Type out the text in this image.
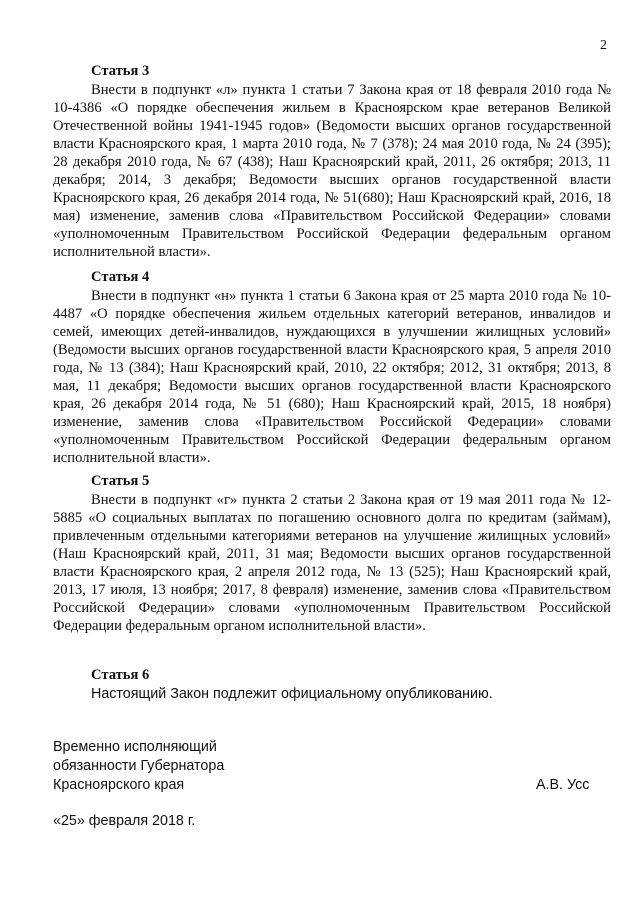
2
Статья 3

Внести в подпункт «л» пункта 1 статьи 7 Закона края от 18 февраля 2010 года № 10-4386 «О порядке обеспечения жильем в Красноярском крае ветеранов Великой Отечественной войны 1941-1945 годов» (Ведомости высших органов государственной власти Красноярского края, 1 марта 2010 года, № 7 (378); 24 мая 2010 года, № 24 (395); 28 декабря 2010 года, № 67 (438); Наш Красноярский край, 2011, 26 октября; 2013, 11 декабря; 2014, 3 декабря; Ведомости высших органов государственной власти Красноярского края, 26 декабря 2014 года, № 51(680); Наш Красноярский край, 2016, 18 мая) изменение, заменив слова «Правительством Российской Федерации» словами «уполномоченным Правительством Российской Федерации федеральным органом исполнительной власти».

Статья 4

Внести в подпункт «н» пункта 1 статьи 6 Закона края от 25 марта 2010 года № 10-4487 «О порядке обеспечения жильем отдельных категорий ветеранов, инвалидов и семей, имеющих детей-инвалидов, нуждающихся в улучшении жилищных условий» (Ведомости высших органов государственной власти Красноярского края, 5 апреля 2010 года, № 13 (384); Наш Красноярский край, 2010, 22 октября; 2012, 31 октября; 2013, 8 мая, 11 декабря; Ведомости высших органов государственной власти Красноярского края, 26 декабря 2014 года, № 51 (680); Наш Красноярский край, 2015, 18 ноября) изменение, заменив слова «Правительством Российской Федерации» словами «уполномоченным Правительством Российской Федерации федеральным органом исполнительной власти».

Статья 5

Внести в подпункт «г» пункта 2 статьи 2 Закона края от 19 мая 2011 года № 12-5885 «О социальных выплатах по погашению основного долга по кредитам (займам), привлеченным отдельными категориями ветеранов на улучшение жилищных условий» (Наш Красноярский край, 2011, 31 мая; Ведомости высших органов государственной власти Красноярского края, 2 апреля 2012 года, № 13 (525); Наш Красноярский край, 2013, 17 июля, 13 ноября; 2017, 8 февраля) изменение, заменив слова «Правительством Российской Федерации» словами «уполномоченным Правительством Российской Федерации федеральным органом исполнительной власти».

Статья 6

Настоящий Закон подлежит официальному опубликованию.

Временно исполняющий
обязанности Губернатора
Красноярского края	А.В. Усс
«25» февраля 2018 г.
